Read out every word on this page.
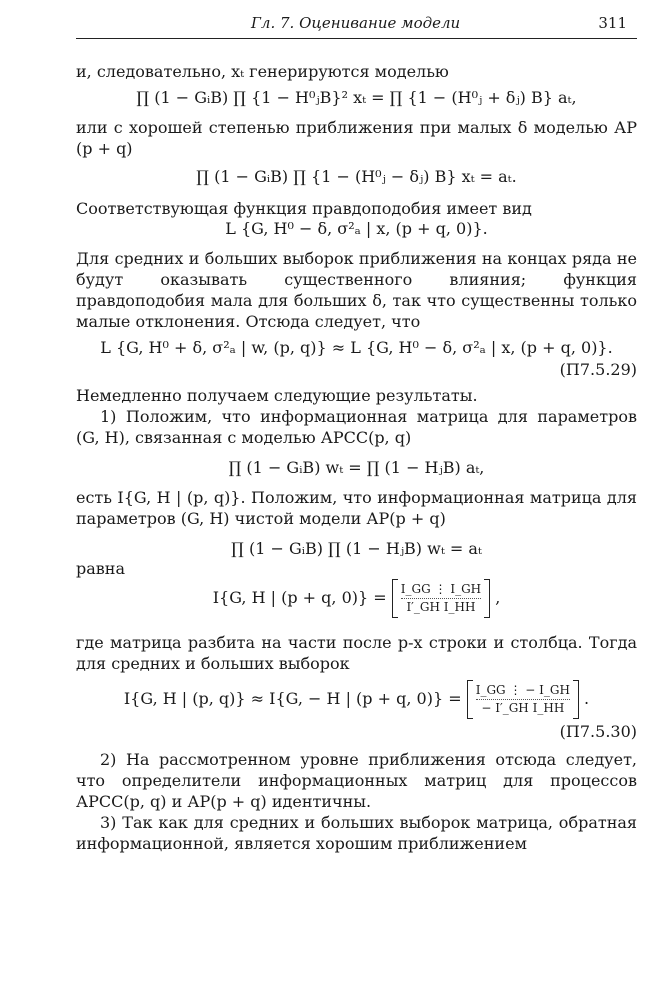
Гл. 7. Оценивание модели	311

и, следовательно, xₜ генерируются моделью

∏ (1 − GᵢB) ∏ {1 − H⁰ⱼB}² xₜ = ∏ {1 − (H⁰ⱼ + δⱼ) B} aₜ,

или с хорошей степенью приближения при малых δ моделью АР (p + q)

∏ (1 − GᵢB) ∏ {1 − (H⁰ⱼ − δⱼ) B} xₜ = aₜ.

Соответствующая функция правдоподобия имеет вид

L {G, H⁰ − δ, σ²ₐ | x, (p + q, 0)}.

Для средних и больших выборок приближения на концах ряда не будут оказывать существенного влияния; функция правдоподобия мала для больших δ, так что существенны только малые отклонения. Отсюда следует, что

L {G, H⁰ + δ, σ²ₐ | w, (p, q)} ≈ L {G, H⁰ − δ, σ²ₐ | x, (p + q, 0)}.
(П7.5.29)

Немедленно получаем следующие результаты.

1) Положим, что информационная матрица для параметров (G, H), связанная с моделью АРСС(p, q)

∏ (1 − GᵢB) wₜ = ∏ (1 − HⱼB) aₜ,

есть I{G, H | (p, q)}. Положим, что информационная матрица для параметров (G, H) чистой модели АР(p + q)

∏ (1 − GᵢB) ∏ (1 − HⱼB) wₜ = aₜ

равна

I{G, H | (p + q, $0)\} = \frac{I\_GG ⋮ I\_GH}{\text{I′\_GH I\_HH}}$ ,

где матрица разбита на части после p-х строки и столбца. Тогда для средних и больших выборок

I{G, H | (p, q)} ≈ I{G, − H | (p + q, $0)\} = \frac{I\_GG ⋮ - I\_GH}{\text{− I′\_GH I\_HH}}$ .
(П7.5.30)

2) На рассмотренном уровне приближения отсюда следует, что определители информационных матриц для процессов АРСС(p, q) и АР(p + q) идентичны.

3) Так как для средних и больших выборок матрица, обратная информационной, является хорошим приближением
